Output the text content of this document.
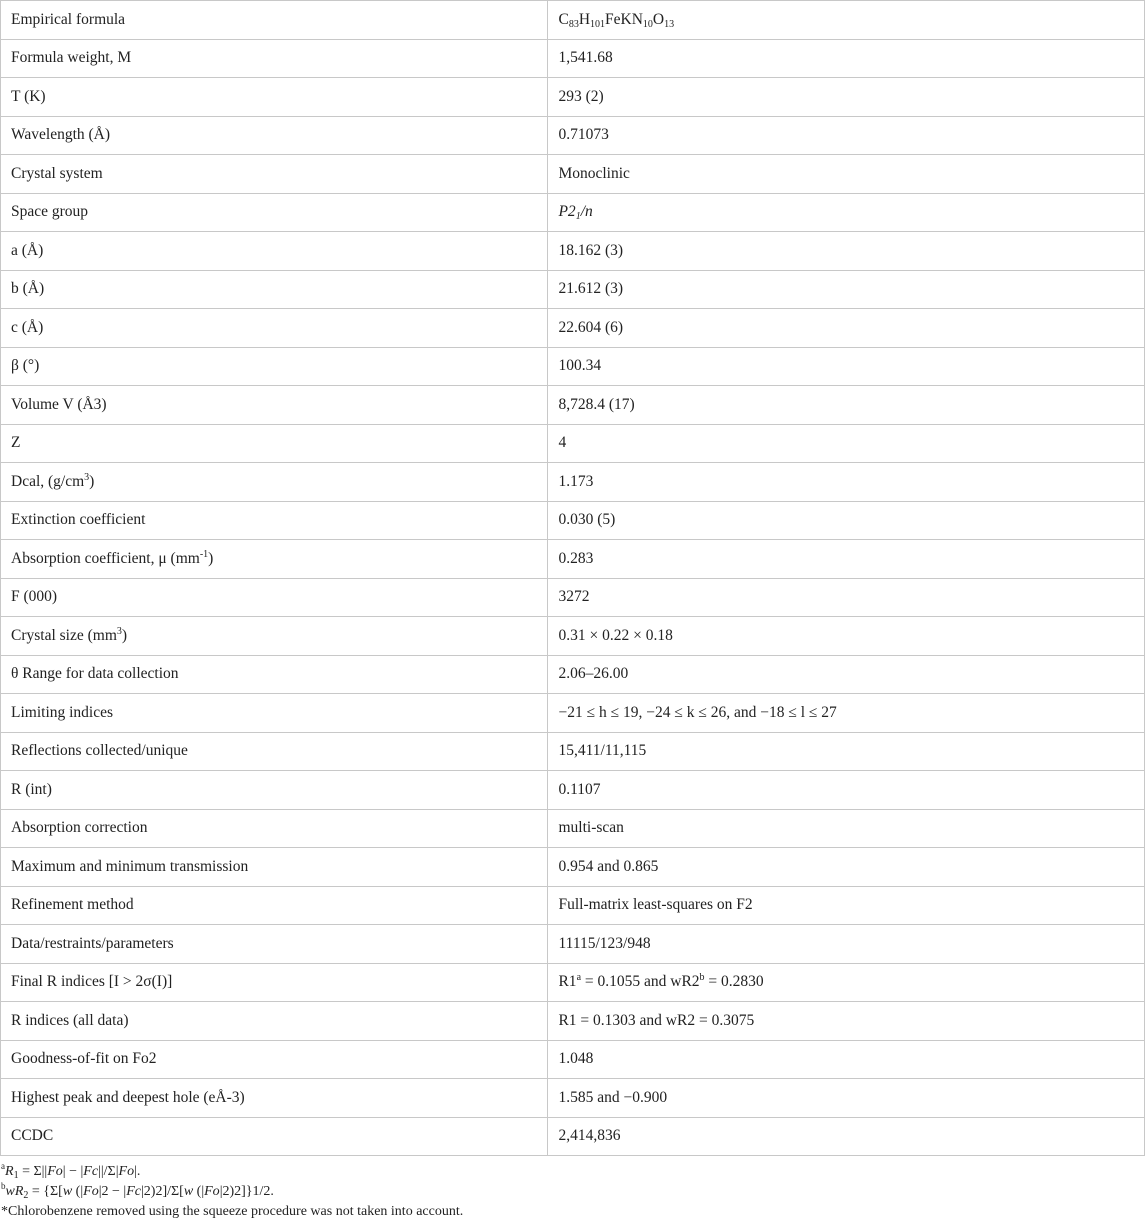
Empirical formula	$C_{83}H_{101}FeKN_{10}O_{13}$
Formula weight, M	1,541.68
T (K)	293 (2)
Wavelength (Å)	0.71073
Crystal system	Monoclinic
Space group	$P2_1/n$
a (Å)	18.162 (3)
b (Å)	21.612 (3)
c (Å)	22.604 (6)
β (°)	100.34
Volume V (Å3)	8,728.4 (17)
Z	4
Dcal, $(g/cm^3)$	1.173
Extinction coefficient	0.030 (5)
Absorption coefficient, μ $(mm^{-1})$	0.283
F (000)	3272
Crystal size $(mm^3)$	0.31 × 0.22 × 0.18
θ Range for data collection	2.06–26.00
Limiting indices	−21 ≤ h ≤ 19, −24 ≤ k ≤ 26, and −18 ≤ l ≤ 27
Reflections collected/unique	15,411/11,115
R (int)	0.1107
Absorption correction	multi-scan
Maximum and minimum transmission	0.954 and 0.865
Refinement method	Full-matrix least-squares on F2
Data/restraints/parameters	11115/123/948
Final R indices [I > 2σ(I)]	$R1^a = 0.1055$ and $wR2^b = 0.2830$
R indices (all data)	R1 = 0.1303 and wR2 = 0.3075
Goodness-of-fit on Fo2	1.048
Highest peak and deepest hole (eÅ-3)	1.585 and −0.900
CCDC	2,414,836
$^aR_1 = \Sigma||Fo| - |Fc||/\Sigma|Fo|$.
$^bwR_2 = \{\Sigma[w$ (|Fo|2 − |Fc|2)2]/Σ[w (|Fo|2)2]}1/2.
*Chlorobenzene removed using the squeeze procedure was not taken into account.
